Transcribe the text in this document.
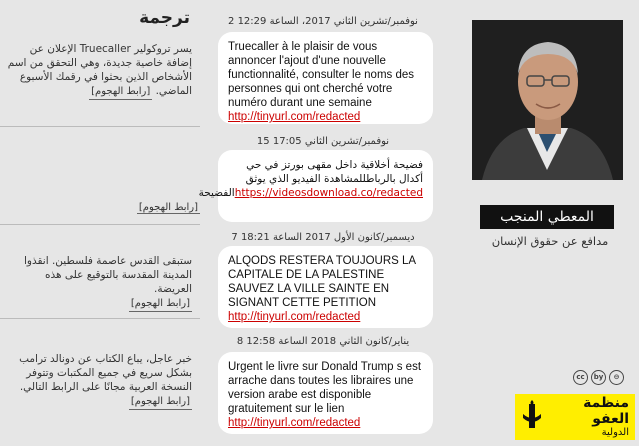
ترجمة
يسر تروكولير Truecaller الإعلان عن إضافة خاصية جديدة، وهي التحقق من اسم الأشخاص الذين بحثوا في رقمك الأسبوع الماضي. [رابط الهجوم]
[رابط الهجوم]
ستبقى القدس عاصمة فلسطين. انقذوا المدينة المقدسة بالتوقيع على هذه العريضة.
[رابط الهجوم]
خبر عاجل، يباع الكتاب عن دونالد ترامب بشكل سريع في جميع المكتبات وتتوفر النسخة العربية مجانًا على الرابط التالي. [رابط الهجوم]
2 نوفمبر/تشرين الثاني 2017، الساعة 12:29
Truecaller à le plaisir de vous annoncer l'ajout d'une nouvelle functionnalité, consulter le noms des personnes qui ont cherché votre numéro durant une semaine http://tinyurl.com/redacted
15 نوفمبر/تشرين الثاني 17:05
فضيحة أخلاقية داخل مقهى بورتز في حي أكدال بالرباطللمشاهدة الفيديو الذي يوثق https://videosdownload.co/redactedالفضيحة
7 ديسمبر/كانون الأول 2017 الساعة 18:21
ALQODS RESTERA TOUJOURS LA CAPITALE DE LA PALESTINE SAUVEZ LA VILLE SAINTE EN SIGNANT CETTE PETITION
http://tinyurl.com/redacted
8 يناير/كانون الثاني 2018 الساعة 12:58
Urgent le livre sur Donald Trump s est arrache dans toutes les libraires une version arabe est disponible gratuitement sur le lien
http://tinyurl.com/redacted
المعطي المنجب
مدافع عن حقوق الإنسان
cc	by	⊖
منظمة العفو
الدولية
